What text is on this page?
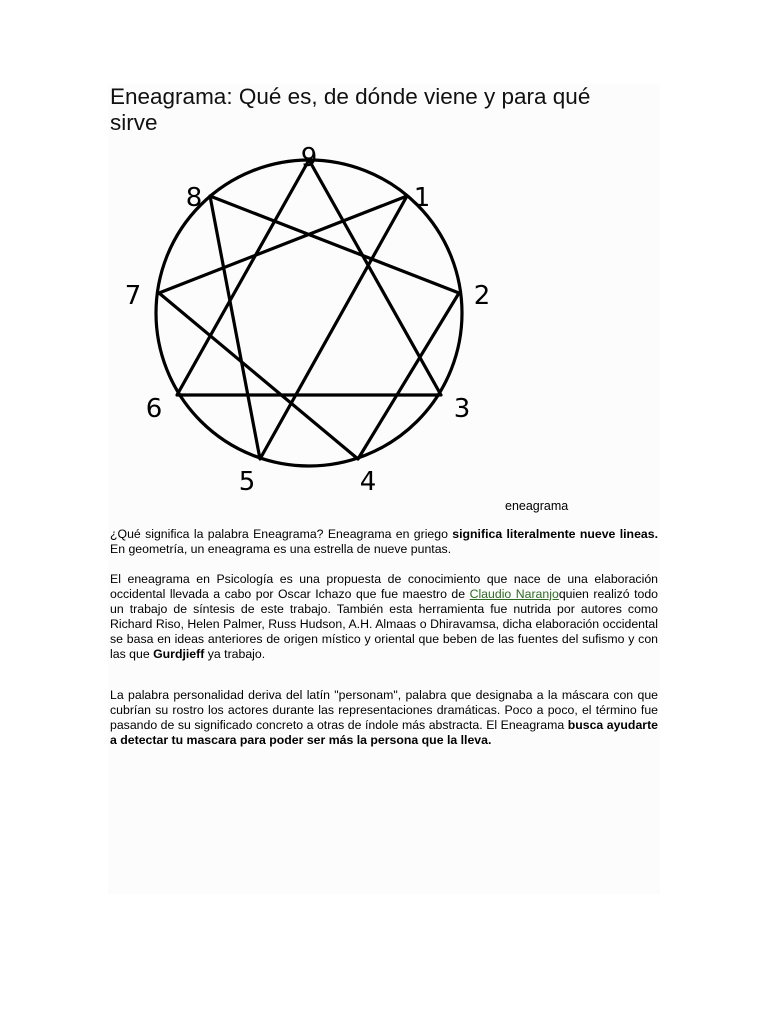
Eneagrama: Qué es, de dónde viene y para qué sirve
9
1
2
3
4
5
6
7
8
eneagrama

¿Qué significa la palabra Eneagrama? Eneagrama en griego significa literalmente nueve lineas. En geometría, un eneagrama es una estrella de nueve puntas.

El eneagrama en Psicología es una propuesta de conocimiento que nace de una elaboración occidental llevada a cabo por Oscar Ichazo que fue maestro de Claudio Naranjoquien realizó todo un trabajo de síntesis de este trabajo. También esta herramienta fue nutrida por autores como Richard Riso, Helen Palmer, Russ Hudson, A.H. Almaas o Dhiravamsa, dicha elaboración occidental se basa en ideas anteriores de origen místico y oriental que beben de las fuentes del sufismo y con las que Gurdjieff ya trabajo.

La palabra personalidad deriva del latín "personam", palabra que designaba a la máscara con que cubrían su rostro los actores durante las representaciones dramáticas. Poco a poco, el término fue pasando de su significado concreto a otras de índole más abstracta. El Eneagrama busca ayudarte a detectar tu mascara para poder ser más la persona que la lleva.
